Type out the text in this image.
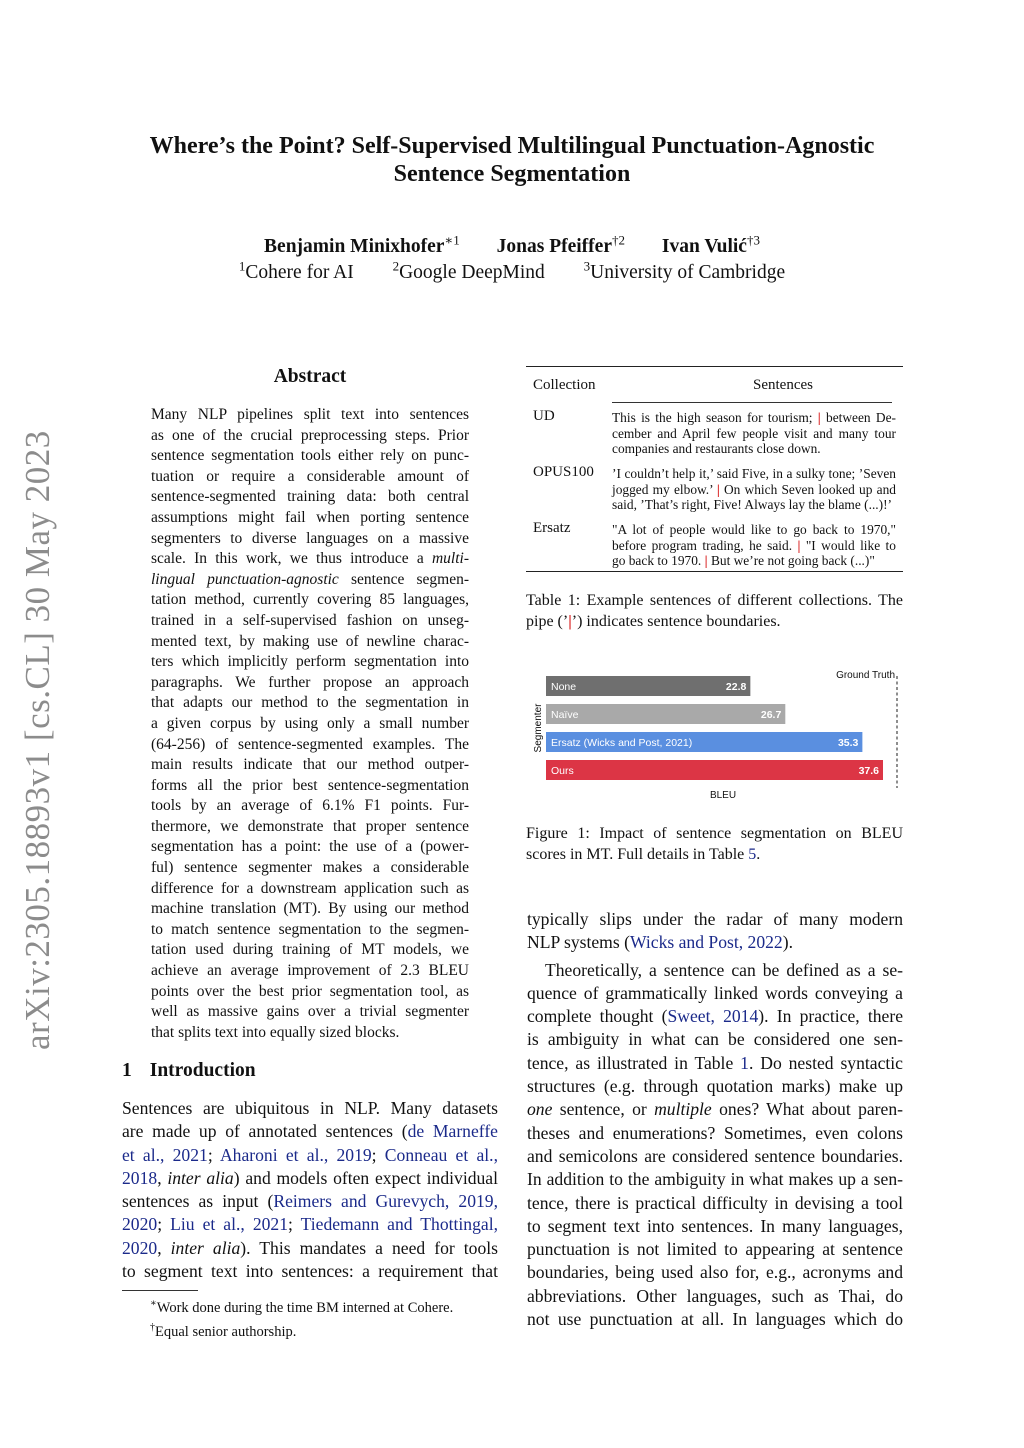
arXiv:2305.18893v1 [cs.CL] 30 May 2023
Where’s the Point? Self-Supervised Multilingual Punctuation-Agnostic
Sentence Segmentation
Benjamin Minixhofer$^{∗1}$ Jonas Pfeiffer$^{\dagger 2}$ Ivan Vulić$^{\dagger 3}$
$^1$Cohere for AI	$^2$Google DeepMind	$^3$University of Cambridge
Abstract
Many NLP pipelines split text into sentences
as one of the crucial preprocessing steps. Prior
sentence segmentation tools either rely on punc-
tuation or require a considerable amount of
sentence-segmented training data: both central
assumptions might fail when porting sentence
segmenters to diverse languages on a massive
scale. In this work, we thus introduce a multi-
lingual punctuation-agnostic sentence segmen-
tation method, currently covering 85 languages,
trained in a self-supervised fashion on unseg-
mented text, by making use of newline charac-
ters which implicitly perform segmentation into
paragraphs. We further propose an approach
that adapts our method to the segmentation in
a given corpus by using only a small number
(64-256) of sentence-segmented examples. The
main results indicate that our method outper-
forms all the prior best sentence-segmentation
tools by an average of 6.1% F1 points. Fur-
thermore, we demonstrate that proper sentence
segmentation has a point: the use of a (power-
ful) sentence segmenter makes a considerable
difference for a downstream application such as
machine translation (MT). By using our method
to match sentence segmentation to the segmen-
tation used during training of MT models, we
achieve an average improvement of 2.3 BLEU
points over the best prior segmentation tool, as
well as massive gains over a trivial segmenter
that splits text into equally sized blocks.
1 Introduction
Sentences are ubiquitous in NLP. Many datasets
are made up of annotated sentences (de Marneffe
et al., 2021; Aharoni et al., 2019; Conneau et al.,
2018, inter alia) and models often expect individual
sentences as input (Reimers and Gurevych, 2019,
2020; Liu et al., 2021; Tiedemann and Thottingal,
2020, inter alia). This mandates a need for tools
to segment text into sentences: a requirement that
∗Work done during the time BM interned at Cohere.
†Equal senior authorship.
Collection	Sentences
UD	This is the high season for tourism; | between De-
cember and April few people visit and many tour
companies and restaurants close down.
OPUS100 ’I couldn’t help it,’ said Five, in a sulky tone; ’Seven
jogged my elbow.’ | On which Seven looked up and
said, ’That’s right, Five! Always lay the blame (...)!’
Ersatz	"A lot of people would like to go back to 1970,"
before program trading, he said. | "I would like to
go back to 1970. | But we’re not going back (...)"
Table 1: Example sentences of different collections. The
pipe (’|’) indicates sentence boundaries.
None	22.8
Naïve	26.7
Ersatz (Wicks and Post, 2021)	35.3
Ours	37.6
Ground Truth
Segmenter
BLEU
Figure 1: Impact of sentence segmentation on BLEU
scores in MT. Full details in Table 5.
typically slips under the radar of many modern
NLP systems (Wicks and Post, 2022).
Theoretically, a sentence can be defined as a se-
quence of grammatically linked words conveying a
complete thought (Sweet, 2014). In practice, there
is ambiguity in what can be considered one sen-
tence, as illustrated in Table 1. Do nested syntactic
structures (e.g. through quotation marks) make up
one sentence, or multiple ones? What about paren-
theses and enumerations? Sometimes, even colons
and semicolons are considered sentence boundaries.
In addition to the ambiguity in what makes up a sen-
tence, there is practical difficulty in devising a tool
to segment text into sentences. In many languages,
punctuation is not limited to appearing at sentence
boundaries, being used also for, e.g., acronyms and
abbreviations. Other languages, such as Thai, do
not use punctuation at all. In languages which do
